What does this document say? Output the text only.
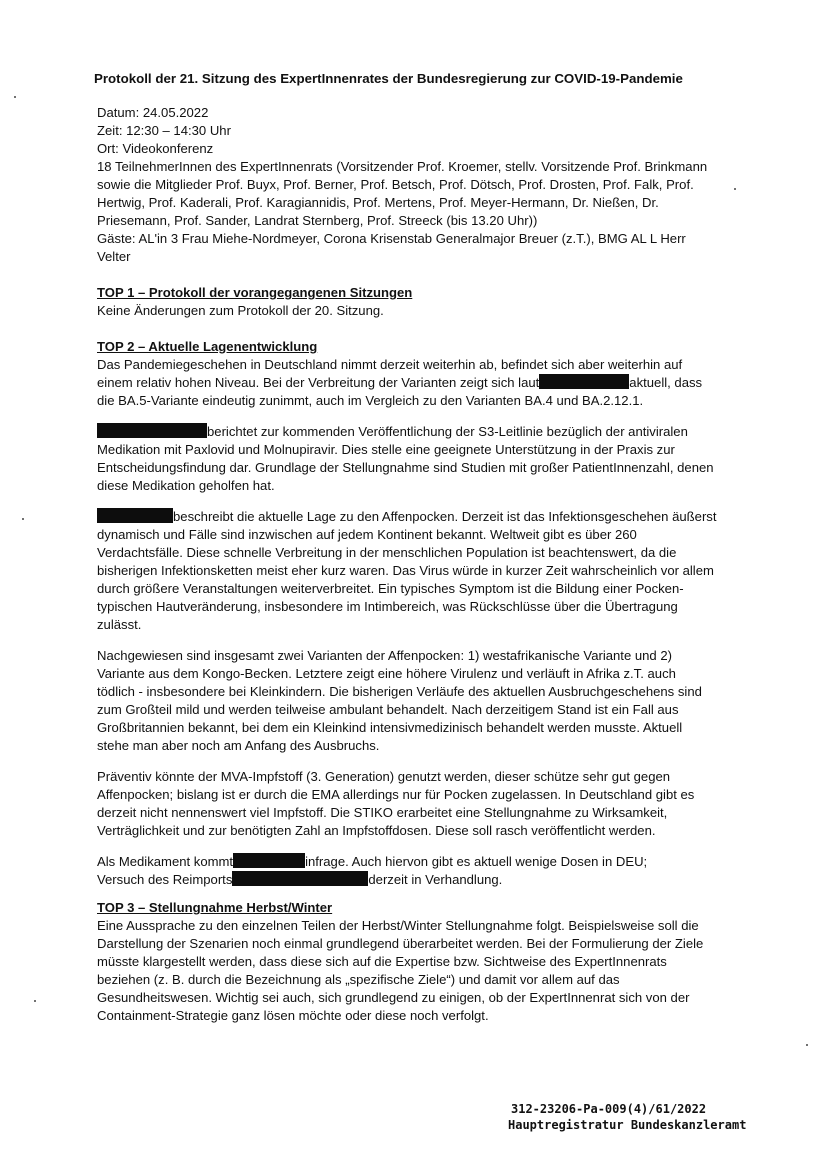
Protokoll der 21. Sitzung des ExpertInnenrates der Bundesregierung zur COVID-19-Pandemie
Datum: 24.05.2022
Zeit: 12:30 – 14:30 Uhr
Ort: Videokonferenz

18 TeilnehmerInnen des ExpertInnenrats (Vorsitzender Prof. Kroemer, stellv. Vorsitzende Prof. Brinkmann sowie die Mitglieder Prof. Buyx, Prof. Berner, Prof. Betsch, Prof. Dötsch, Prof. Drosten, Prof. Falk, Prof. Hertwig, Prof. Kaderali, Prof. Karagiannidis, Prof. Mertens, Prof. Meyer-Hermann, Dr. Nießen, Dr. Priesemann, Prof. Sander, Landrat Sternberg, Prof. Streeck (bis 13.20 Uhr))

Gäste: AL'in 3 Frau Miehe-Nordmeyer, Corona Krisenstab Generalmajor Breuer (z.T.), BMG AL L Herr Velter

TOP 1 – Protokoll der vorangegangenen Sitzungen

Keine Änderungen zum Protokoll der 20. Sitzung.

TOP 2 – Aktuelle Lagenentwicklung

Das Pandemiegeschehen in Deutschland nimmt derzeit weiterhin ab, befindet sich aber weiterhin auf einem relativ hohen Niveau. Bei der Verbreitung der Varianten zeigt sich laut	aktuell, dass die BA.5-Variante eindeutig zunimmt, auch im Vergleich zu den Varianten BA.4 und BA.2.12.1.

berichtet zur kommenden Veröffentlichung der S3-Leitlinie bezüglich der antiviralen Medikation mit Paxlovid und Molnupiravir. Dies stelle eine geeignete Unterstützung in der Praxis zur Entscheidungsfindung dar. Grundlage der Stellungnahme sind Studien mit großer PatientInnenzahl, denen diese Medikation geholfen hat.

beschreibt die aktuelle Lage zu den Affenpocken. Derzeit ist das Infektionsgeschehen äußerst dynamisch und Fälle sind inzwischen auf jedem Kontinent bekannt. Weltweit gibt es über 260 Verdachtsfälle. Diese schnelle Verbreitung in der menschlichen Population ist beachtenswert, da die bisherigen Infektionsketten meist eher kurz waren. Das Virus würde in kurzer Zeit wahrscheinlich vor allem durch größere Veranstaltungen weiterverbreitet. Ein typisches Symptom ist die Bildung einer Pocken-typischen Hautveränderung, insbesondere im Intimbereich, was Rückschlüsse über die Übertragung zulässt.

Nachgewiesen sind insgesamt zwei Varianten der Affenpocken: 1) westafrikanische Variante und 2) Variante aus dem Kongo-Becken. Letztere zeigt eine höhere Virulenz und verläuft in Afrika z.T. auch tödlich - insbesondere bei Kleinkindern. Die bisherigen Verläufe des aktuellen Ausbruchgeschehens sind zum Großteil mild und werden teilweise ambulant behandelt. Nach derzeitigem Stand ist ein Fall aus Großbritannien bekannt, bei dem ein Kleinkind intensivmedizinisch behandelt werden musste. Aktuell stehe man aber noch am Anfang des Ausbruchs.

Präventiv könnte der MVA-Impfstoff (3. Generation) genutzt werden, dieser schütze sehr gut gegen Affenpocken; bislang ist er durch die EMA allerdings nur für Pocken zugelassen. In Deutschland gibt es derzeit nicht nennenswert viel Impfstoff. Die STIKO erarbeitet eine Stellungnahme zu Wirksamkeit, Verträglichkeit und zur benötigten Zahl an Impfstoffdosen. Diese soll rasch veröffentlicht werden.

Als Medikament kommt	infrage. Auch hiervon gibt es aktuell wenige Dosen in DEU;
Versuch des Reimports	derzeit in Verhandlung.

TOP 3 – Stellungnahme Herbst/Winter

Eine Aussprache zu den einzelnen Teilen der Herbst/Winter Stellungnahme folgt. Beispielsweise soll die Darstellung der Szenarien noch einmal grundlegend überarbeitet werden. Bei der Formulierung der Ziele müsste klargestellt werden, dass diese sich auf die Expertise bzw. Sichtweise des ExpertInnenrats beziehen (z. B. durch die Bezeichnung als „spezifische Ziele“) und damit vor allem auf das Gesundheitswesen. Wichtig sei auch, sich grundlegend zu einigen, ob der ExpertInnenrat sich von der Containment-Strategie ganz lösen möchte oder diese noch verfolgt.

312-23206-Pa-009(4)/61/2022
Hauptregistratur Bundeskanzleramt
